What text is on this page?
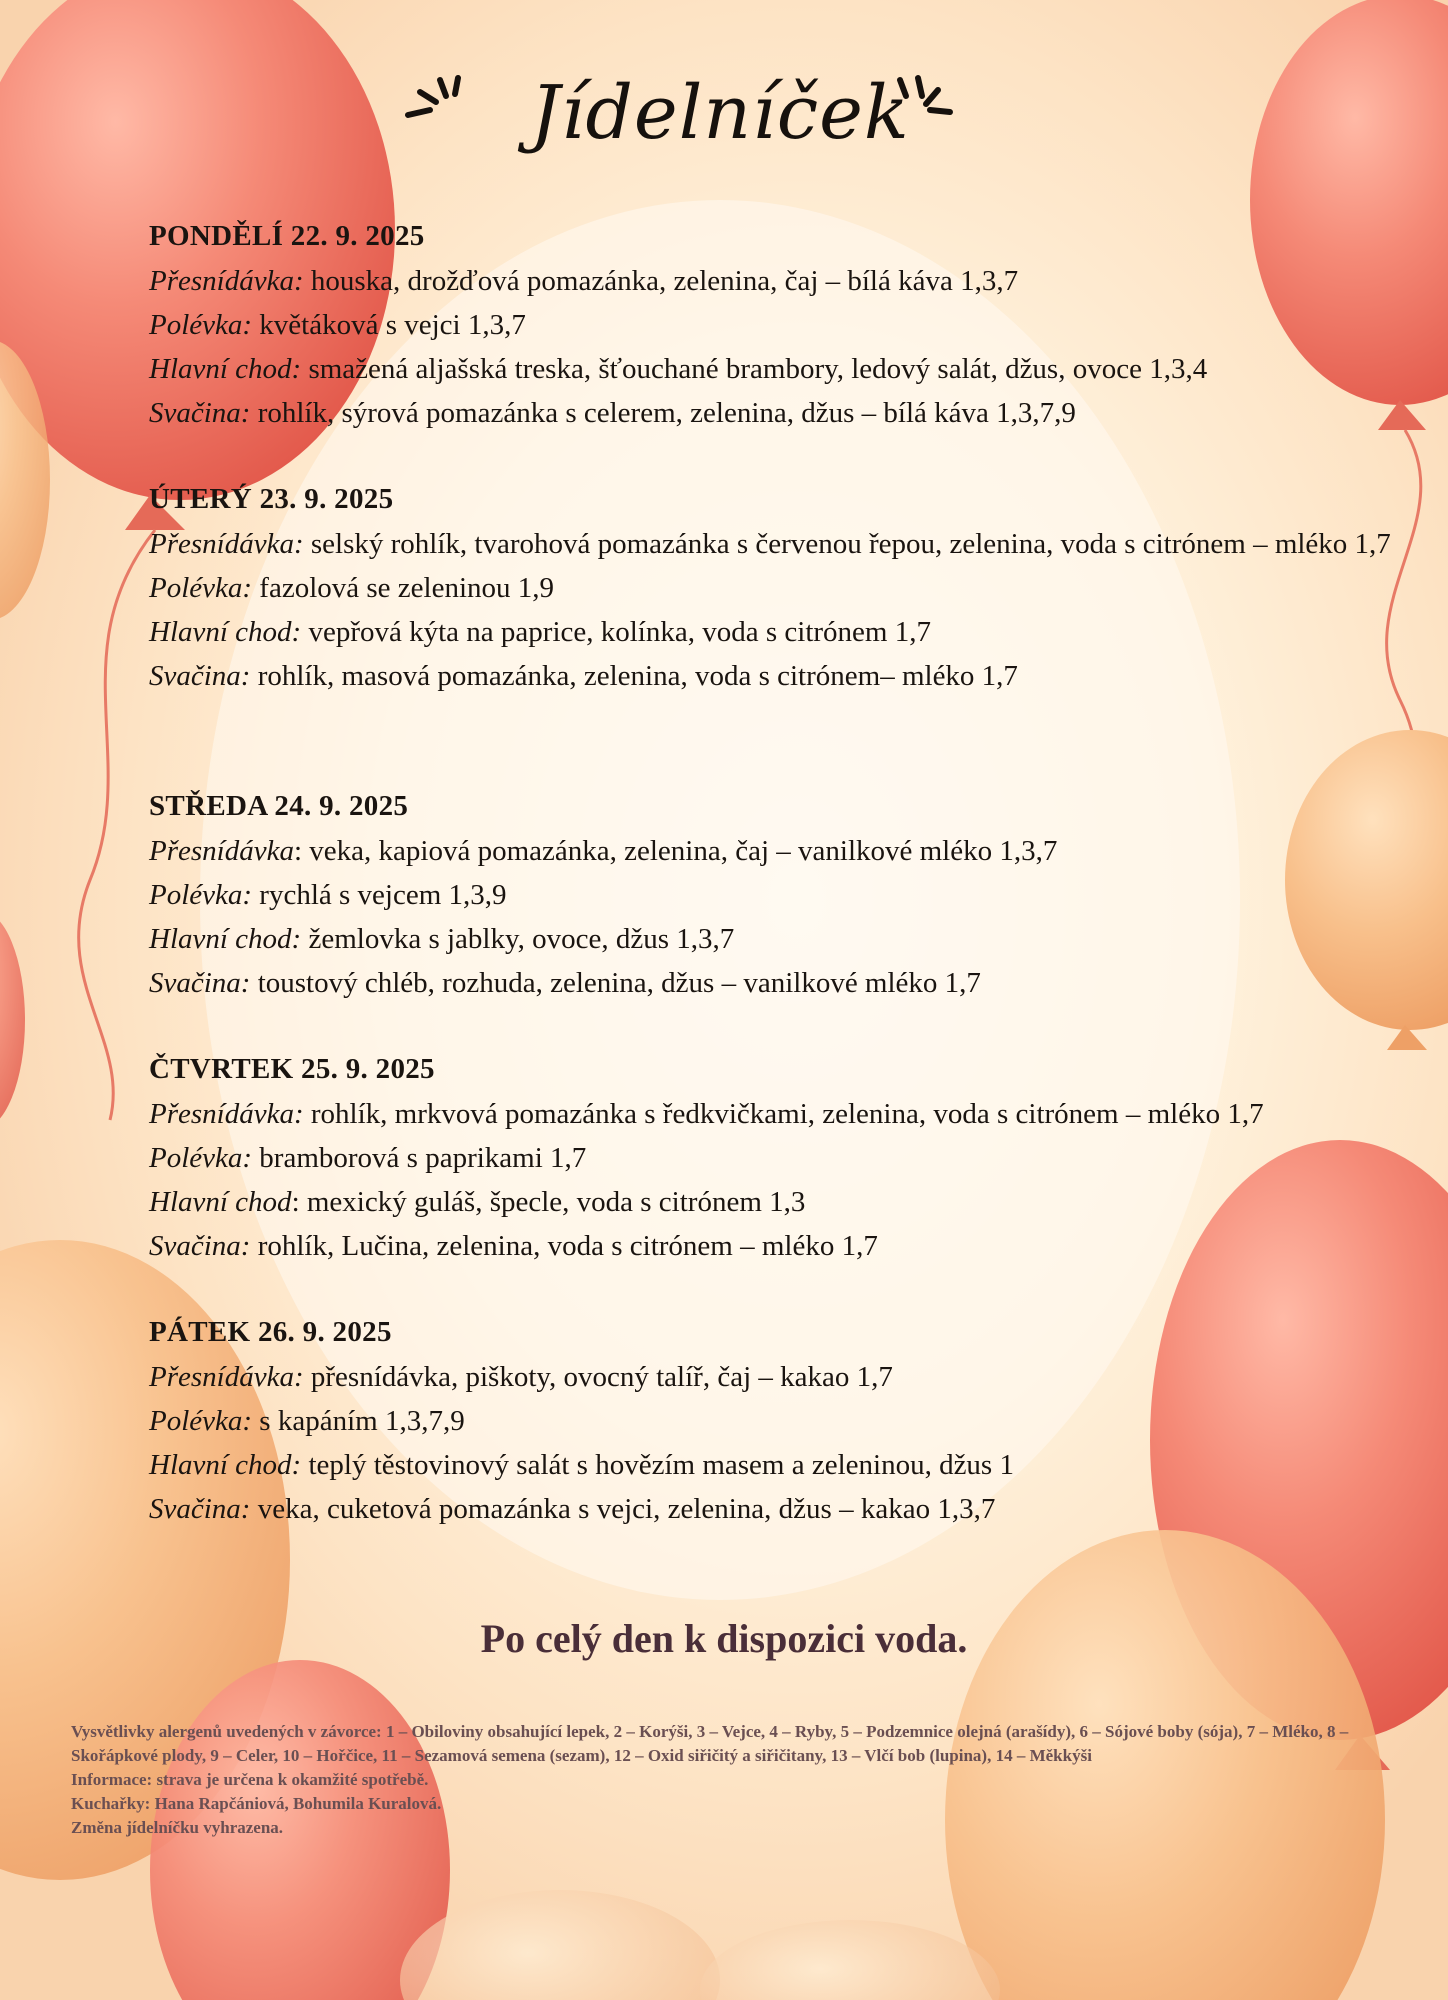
Jídelníček
PONDĚLÍ 22. 9. 2025

Přesnídávka: houska, drožďová pomazánka, zelenina, čaj – bílá káva 1,3,7

Polévka: květáková s vejci 1,3,7

Hlavní chod: smažená aljašská treska, šťouchané brambory, ledový salát, džus, ovoce 1,3,4

Svačina: rohlík, sýrová pomazánka s celerem, zelenina, džus – bílá káva 1,3,7,9

ÚTERÝ 23. 9. 2025

Přesnídávka: selský rohlík, tvarohová pomazánka s červenou řepou, zelenina, voda s citrónem – mléko 1,7

Polévka: fazolová se zeleninou 1,9

Hlavní chod: vepřová kýta na paprice, kolínka, voda s citrónem 1,7

Svačina: rohlík, masová pomazánka, zelenina, voda s citrónem– mléko 1,7

STŘEDA 24. 9. 2025

Přesnídávka: veka, kapiová pomazánka, zelenina, čaj – vanilkové mléko 1,3,7

Polévka: rychlá s vejcem 1,3,9

Hlavní chod: žemlovka s jablky, ovoce, džus 1,3,7

Svačina: toustový chléb, rozhuda, zelenina, džus – vanilkové mléko 1,7

ČTVRTEK 25. 9. 2025

Přesnídávka: rohlík, mrkvová pomazánka s ředkvičkami, zelenina, voda s citrónem – mléko 1,7

Polévka: bramborová s paprikami 1,7

Hlavní chod: mexický guláš, špecle, voda s citrónem 1,3

Svačina: rohlík, Lučina, zelenina, voda s citrónem – mléko 1,7

PÁTEK 26. 9. 2025

Přesnídávka: přesnídávka, piškoty, ovocný talíř, čaj – kakao 1,7

Polévka: s kapáním 1,3,7,9

Hlavní chod: teplý těstovinový salát s hovězím masem a zeleninou, džus 1

Svačina: veka, cuketová pomazánka s vejci, zelenina, džus – kakao 1,3,7

Po celý den k dispozici voda.

Vysvětlivky alergenů uvedených v závorce: 1 – Obiloviny obsahující lepek, 2 – Korýši, 3 – Vejce, 4 – Ryby, 5 – Podzemnice olejná (arašídy), 6 – Sójové boby (sója), 7 – Mléko, 8 – Skořápkové plody, 9 – Celer, 10 – Hořčice, 11 – Sezamová semena (sezam), 12 – Oxid siřičitý a siřičitany, 13 – Vlčí bob (lupina), 14 – Měkkýši

Informace: strava je určena k okamžité spotřebě.

Kuchařky: Hana Rapčániová, Bohumila Kuralová.

Změna jídelníčku vyhrazena.
